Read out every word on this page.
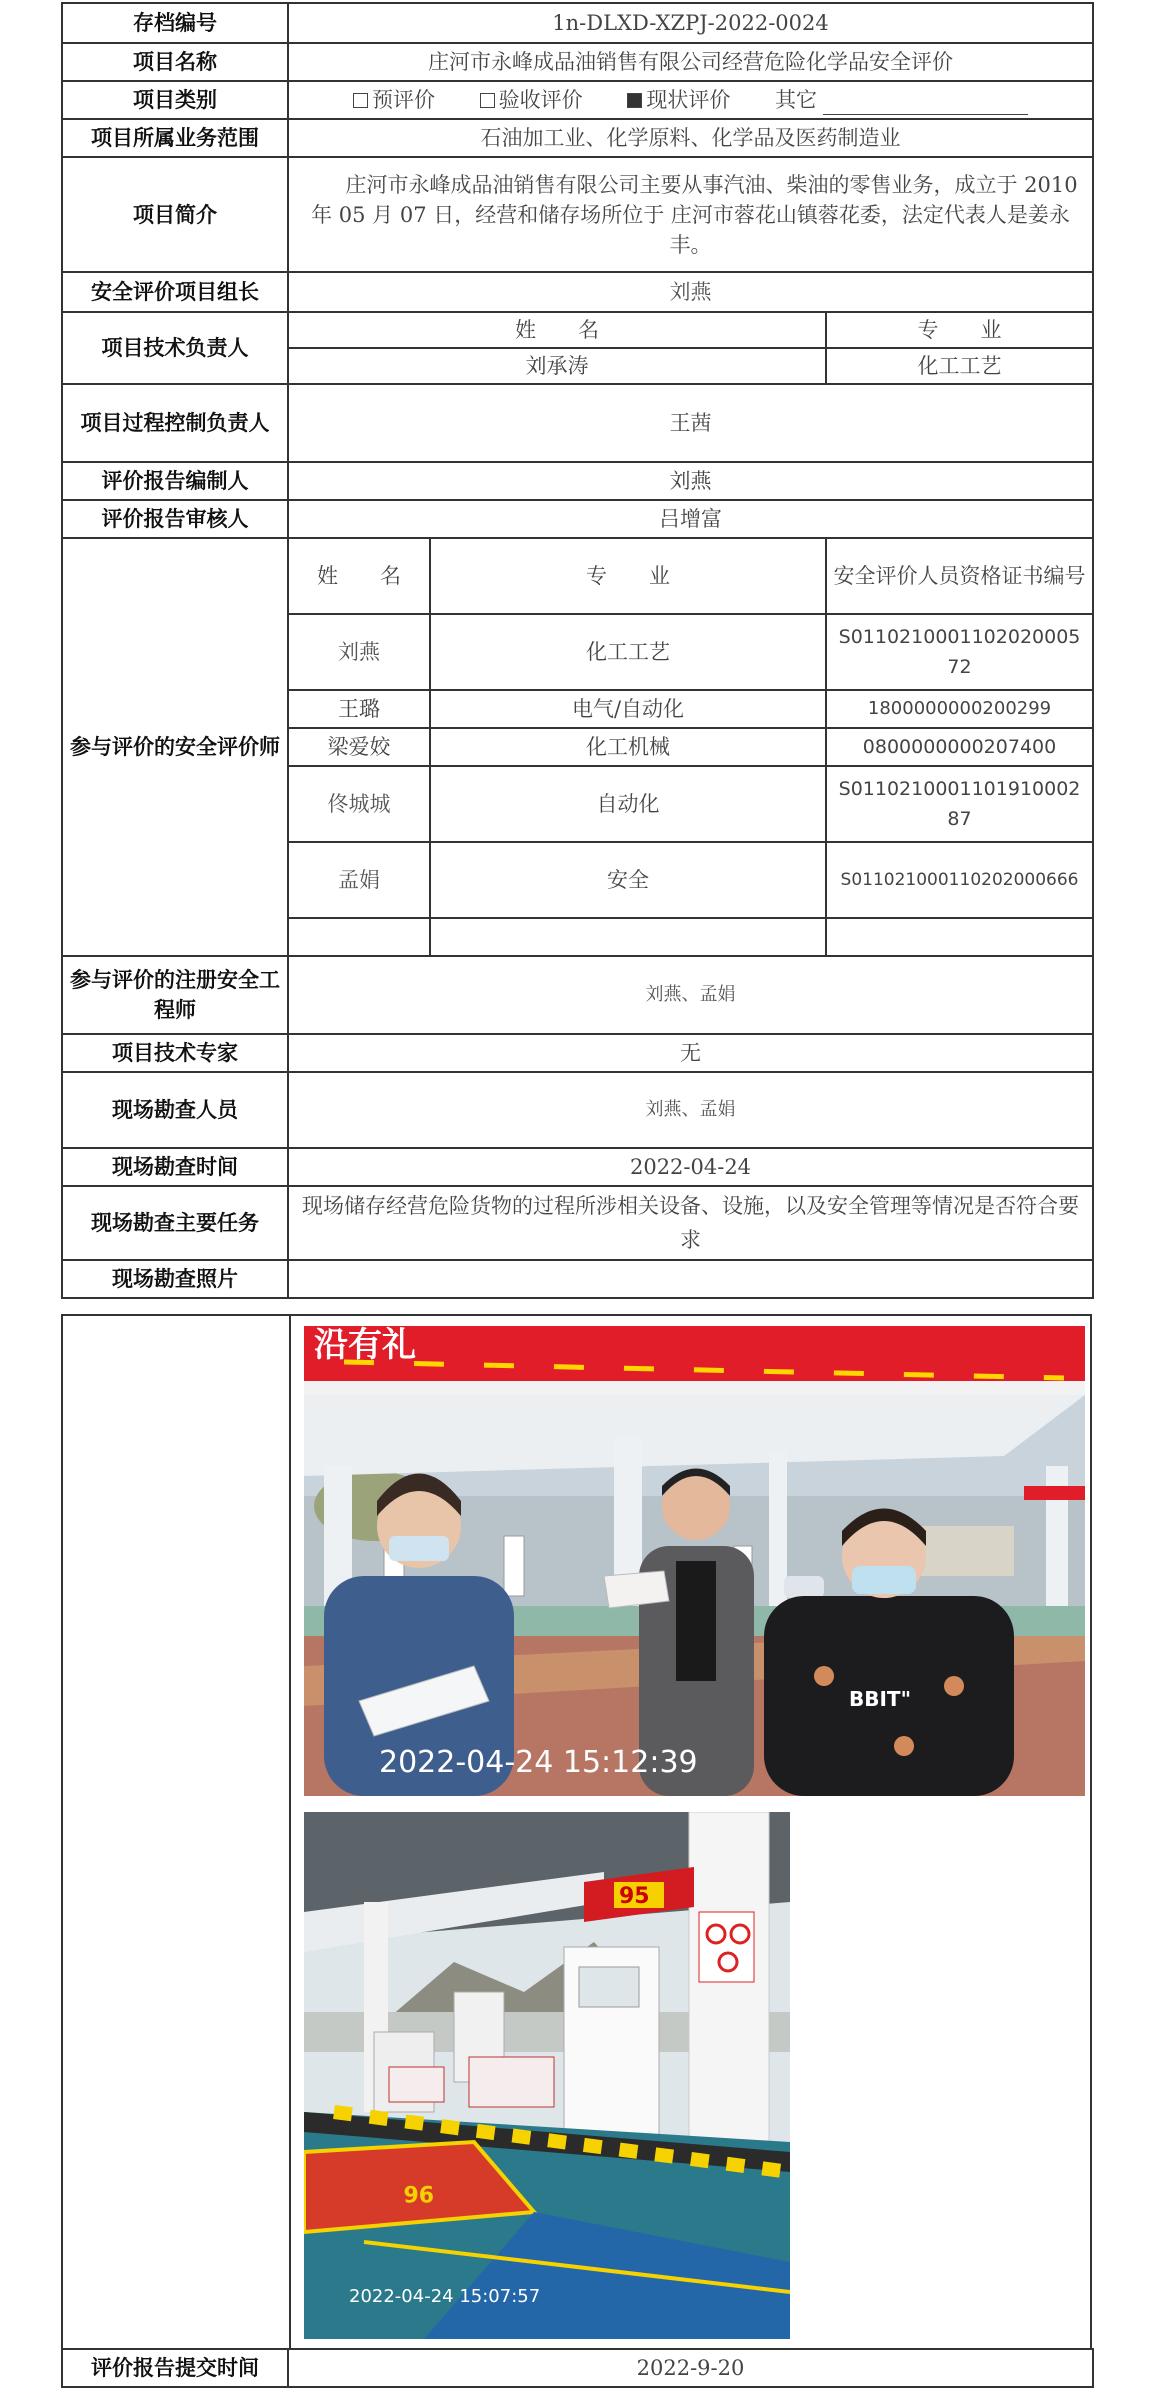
存档编号	1n-DLXD-XZPJ-2022-0024		
项目名称	庄河市永峰成品油销售有限公司经营危险化学品安全评价		
项目类别	预评价 验收评价 现状评价 其它		
项目所属业务范围	石油加工业、化学原料、化学品及医药制造业		
项目简介	庄河市永峰成品油销售有限公司主要从事汽油、柴油的零售业务，成立于 2010 年 05 月 07 日，经营和储存场所位于 庄河市蓉花山镇蓉花委，法定代表人是姜永丰。		
安全评价项目组长	刘燕		
项目技术负责人	姓　　名		专　　业
	刘承涛		化工工艺
项目过程控制负责人	王茜		
评价报告编制人	刘燕		
评价报告审核人	吕增富		
参与评价的安全评价师	姓　　名	专　　业	安全评价人员资格证书编号
	刘燕	化工工艺	S011021000110202000572
	王璐	电气/自动化	1800000000200299
	梁爱姣	化工机械	0800000000207400
	佟城城	自动化	S011021000110191000287
	孟娟	安全	S011021000110202000666

参与评价的注册安全工程师	刘燕、孟娟		
项目技术专家	无		
现场勘查人员	刘燕、孟娟		
现场勘查时间	2022-04-24		
现场勘查主要任务	现场储存经营危险货物的过程所涉相关设备、设施，以及安全管理等情况是否符合要求		
现场勘查照片			
沿有礼
BBIT"
2022-04-24 15:12:39
95
96
2022-04-24 15:07:57
评价报告提交时间	2022-9-20
